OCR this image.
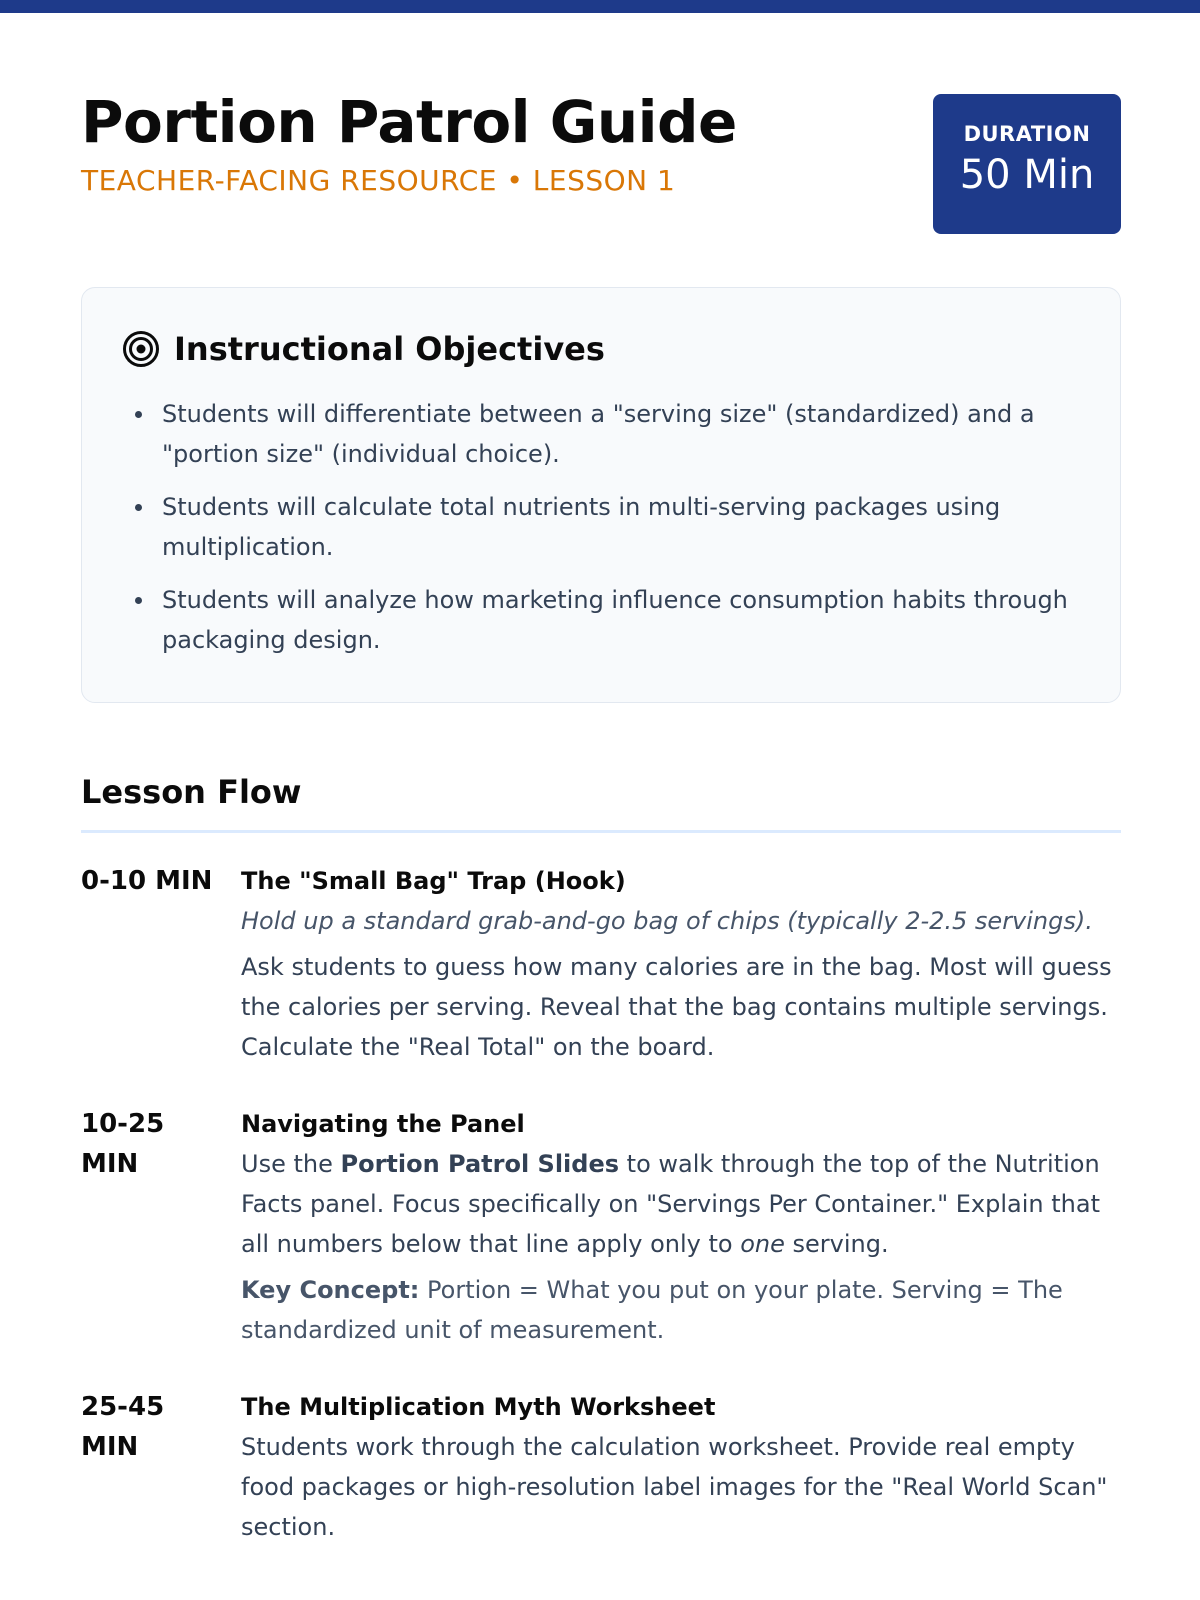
Portion Patrol Guide
TEACHER-FACING RESOURCE • LESSON 1
DURATION
50 Min
Instructional Objectives
Students will differentiate between a "serving size" (standardized) and a "portion size" (individual choice).
Students will calculate total nutrients in multi-serving packages using multiplication.
Students will analyze how marketing influence consumption habits through packaging design.
Lesson Flow
0-10 MIN	The "Small Bag" Trap (Hook)
Hold up a standard grab-and-go bag of chips (typically 2-2.5 servings).
Ask students to guess how many calories are in the bag. Most will guess the calories per serving. Reveal that the bag contains multiple servings. Calculate the "Real Total" on the board.
10-25 MIN
Navigating the Panel
Use the Portion Patrol Slides to walk through the top of the Nutrition Facts panel. Focus specifically on "Servings Per Container." Explain that all numbers below that line apply only to one serving.
Key Concept: Portion = What you put on your plate. Serving = The standardized unit of measurement.
25-45 MIN
The Multiplication Myth Worksheet
Students work through the calculation worksheet. Provide real empty food packages or high-resolution label images for the "Real World Scan" section.
